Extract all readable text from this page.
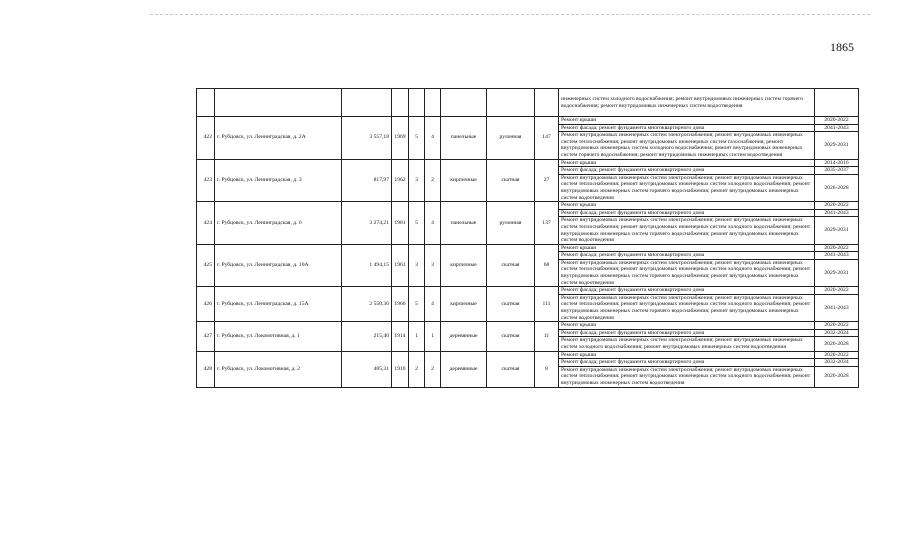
1865
									инженерных систем холодного водоснабжения; ремонт внутридомовых инженерных систем горячего водоснабжения; ремонт внутридомовых инженерных систем водоотведения	
422	г. Рубцовск, ул. Ленинградская, д. 2А	3 557,18	1969	5	4	панельные	рулонная	147	Ремонт крыши	2020-2022
									Ремонт фасада; ремонт фундамента многоквартирного дома	2041-2043
									Ремонт внутридомовых инженерных систем электроснабжения; ремонт внутридомовых инженерных систем теплоснабжения; ремонт внутридомовых инженерных систем газоснабжения; ремонт внутридомовых инженерных систем холодного водоснабжения; ремонт внутридомовых инженерных систем горячего водоснабжения; ремонт внутридомовых инженерных систем водоотведения	2029-2031
423	г. Рубцовск, ул. Ленинградская, д. 3	817,97	1962	3	2	кирпичные	скатная	27	Ремонт крыши	2014-2016
									Ремонт фасада; ремонт фундамента многоквартирного дома	2035-2037
									Ремонт внутридомовых инженерных систем электроснабжения; ремонт внутридомовых инженерных систем теплоснабжения; ремонт внутридомовых инженерных систем холодного водоснабжения; ремонт внутридомовых инженерных систем горячего водоснабжения; ремонт внутридомовых инженерных систем водоотведения	2026-2028
424	г. Рубцовск, ул. Ленинградская, д. 6	3 274,21	1981	5	4	панельные	рулонная	137	Ремонт крыши	2020-2022
									Ремонт фасада; ремонт фундамента многоквартирного дома	2041-2043
									Ремонт внутридомовых инженерных систем электроснабжения; ремонт внутридомовых инженерных систем теплоснабжения; ремонт внутридомовых инженерных систем холодного водоснабжения; ремонт внутридомовых инженерных систем горячего водоснабжения; ремонт внутридомовых инженерных систем водоотведения	2029-2031
425	г. Рубцовск, ул. Ленинградская, д. 10А	1 494,15	1961	3	3	кирпичные	скатная	68	Ремонт крыши	2020-2022
									Ремонт фасада; ремонт фундамента многоквартирного дома	2041-2043
									Ремонт внутридомовых инженерных систем электроснабжения; ремонт внутридомовых инженерных систем теплоснабжения; ремонт внутридомовых инженерных систем холодного водоснабжения; ремонт внутридомовых инженерных систем горячего водоснабжения; ремонт внутридомовых инженерных систем водоотведения	2029-2031
426	г. Рубцовск, ул. Ленинградская, д. 15А	2 550,30	1966	5	4	кирпичные	скатная	111	Ремонт фасада; ремонт фундамента многоквартирного дома	2020-2022
									Ремонт внутридомовых инженерных систем электроснабжения; ремонт внутридомовых инженерных систем теплоснабжения; ремонт внутридомовых инженерных систем холодного водоснабжения; ремонт внутридомовых инженерных систем горячего водоснабжения; ремонт внутридомовых инженерных систем водоотведения	2041-2043
427	г. Рубцовск, ул. Локомотивная, д. 1	215,40	1914	1	1	деревянные	скатная	11	Ремонт крыши	2020-2022
									Ремонт фасада; ремонт фундамента многоквартирного дома	2032-2034
									Ремонт внутридомовых инженерных систем электроснабжения; ремонт внутридомовых инженерных систем холодного водоснабжения; ремонт внутридомовых инженерных систем водоотведения	2026-2028
428	г. Рубцовск, ул. Локомотивная, д. 2	485,31	1916	2	2	деревянные	скатная	8	Ремонт крыши	2020-2022
									Ремонт фасада; ремонт фундамента многоквартирного дома	2032-2034
									Ремонт внутридомовых инженерных систем электроснабжения; ремонт внутридомовых инженерных систем теплоснабжения; ремонт внутридомовых инженерных систем холодного водоснабжения; ремонт внутридомовых инженерных систем водоотведения	2026-2028
